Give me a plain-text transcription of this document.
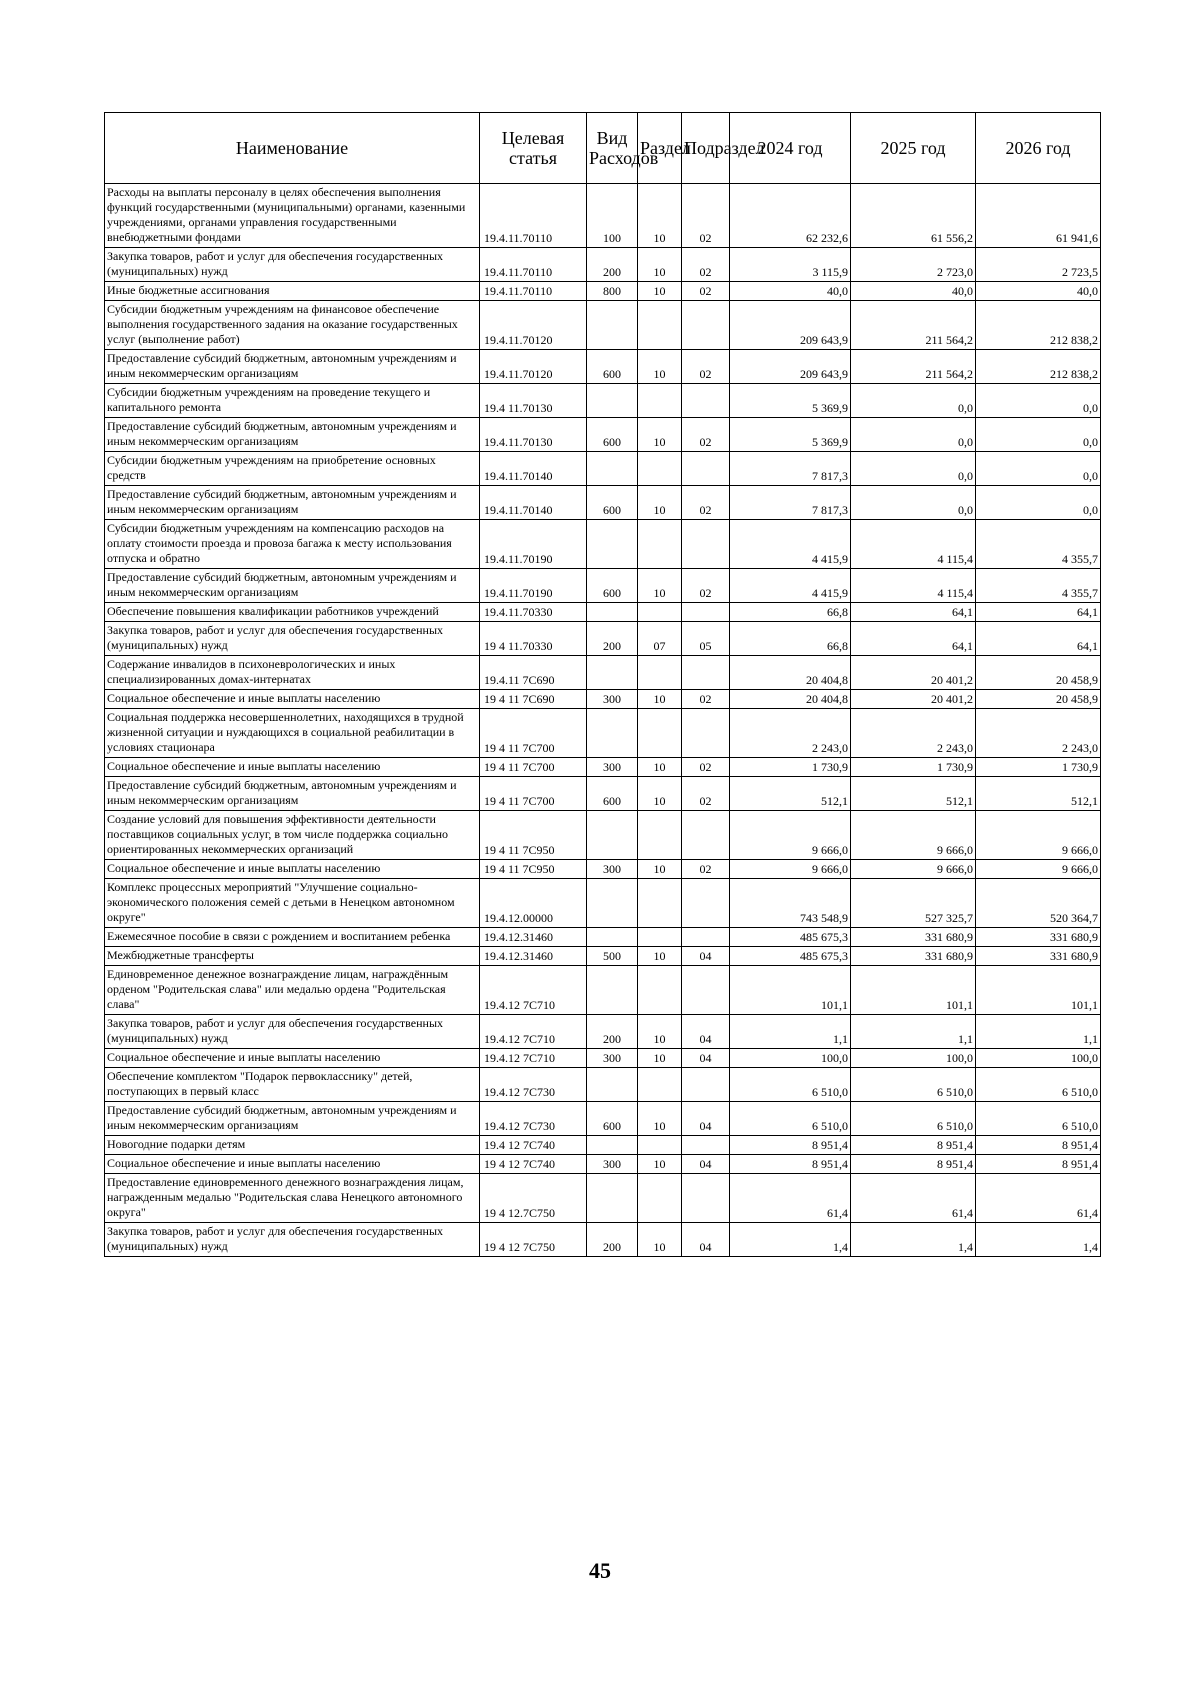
Наименование	Целевая статья	Вид Расходов	Раздел	Подраздел	2024 год	2025 год	2026 год
Расходы на выплаты персоналу в целях обеспечения выполнения функций государственными (муниципальными) органами, казенными учреждениями, органами управления государственными внебюджетными фондами	19.4.11.70110	100	10	02	62 232,6	61 556,2	61 941,6
Закупка товаров, работ и услуг для обеспечения государственных (муниципальных) нужд	19.4.11.70110	200	10	02	3 115,9	2 723,0	2 723,5
Иные бюджетные ассигнования	19.4.11.70110	800	10	02	40,0	40,0	40,0
Субсидии бюджетным учреждениям на финансовое обеспечение выполнения государственного задания на оказание государственных услуг (выполнение работ)	19.4.11.70120				209 643,9	211 564,2	212 838,2
Предоставление субсидий бюджетным, автономным учреждениям и иным некоммерческим организациям	19.4.11.70120	600	10	02	209 643,9	211 564,2	212 838,2
Субсидии бюджетным учреждениям на проведение текущего и капитального ремонта	19.4 11.70130				5 369,9	0,0	0,0
Предоставление субсидий бюджетным, автономным учреждениям и иным некоммерческим организациям	19.4.11.70130	600	10	02	5 369,9	0,0	0,0
Субсидии бюджетным учреждениям на приобретение основных средств	19.4.11.70140				7 817,3	0,0	0,0
Предоставление субсидий бюджетным, автономным учреждениям и иным некоммерческим организациям	19.4.11.70140	600	10	02	7 817,3	0,0	0,0
Субсидии бюджетным учреждениям на компенсацию расходов на оплату стоимости проезда и провоза багажа к месту использования отпуска и обратно	19.4.11.70190				4 415,9	4 115,4	4 355,7
Предоставление субсидий бюджетным, автономным учреждениям и иным некоммерческим организациям	19.4.11.70190	600	10	02	4 415,9	4 115,4	4 355,7
Обеспечение повышения квалификации работников учреждений	19.4.11.70330				66,8	64,1	64,1
Закупка товаров, работ и услуг для обеспечения государственных (муниципальных) нужд	19 4 11.70330	200	07	05	66,8	64,1	64,1
Содержание инвалидов в психоневрологических и иных специализированных домах-интернатах	19.4.11 7С690				20 404,8	20 401,2	20 458,9
Социальное обеспечение и иные выплаты населению	19 4 11 7С690	300	10	02	20 404,8	20 401,2	20 458,9
Социальная поддержка несовершеннолетних, находящихся в трудной жизненной ситуации и нуждающихся в социальной реабилитации в условиях стационара	19 4 11 7С700				2 243,0	2 243,0	2 243,0
Социальное обеспечение и иные выплаты населению	19 4 11 7С700	300	10	02	1 730,9	1 730,9	1 730,9
Предоставление субсидий бюджетным, автономным учреждениям и иным некоммерческим организациям	19 4 11 7С700	600	10	02	512,1	512,1	512,1
Создание условий для повышения эффективности деятельности поставщиков социальных услуг, в том числе поддержка социально ориентированных некоммерческих организаций	19 4 11 7С950				9 666,0	9 666,0	9 666,0
Социальное обеспечение и иные выплаты населению	19 4 11 7С950	300	10	02	9 666,0	9 666,0	9 666,0
Комплекс процессных мероприятий "Улучшение социально-экономического положения семей с детьми в Ненецком автономном округе"	19.4.12.00000				743 548,9	527 325,7	520 364,7
Ежемесячное пособие в связи с рождением и воспитанием ребенка	19.4.12.31460				485 675,3	331 680,9	331 680,9
Межбюджетные трансферты	19.4.12.31460	500	10	04	485 675,3	331 680,9	331 680,9
Единовременное денежное вознаграждение лицам, награждённым орденом "Родительская слава" или медалью ордена "Родительская слава"	19.4.12 7С710				101,1	101,1	101,1
Закупка товаров, работ и услуг для обеспечения государственных (муниципальных) нужд	19.4.12 7С710	200	10	04	1,1	1,1	1,1
Социальное обеспечение и иные выплаты населению	19.4.12 7С710	300	10	04	100,0	100,0	100,0
Обеспечение комплектом "Подарок первокласснику" детей, поступающих в первый класс	19.4.12 7С730				6 510,0	6 510,0	6 510,0
Предоставление субсидий бюджетным, автономным учреждениям и иным некоммерческим организациям	19.4.12 7С730	600	10	04	6 510,0	6 510,0	6 510,0
Новогодние подарки детям	19.4 12 7С740				8 951,4	8 951,4	8 951,4
Социальное обеспечение и иные выплаты населению	19 4 12 7С740	300	10	04	8 951,4	8 951,4	8 951,4
Предоставление единовременного денежного вознаграждения лицам, награжденным медалью "Родительская слава Ненецкого автономного округа"	19 4 12.7С750				61,4	61,4	61,4
Закупка товаров, работ и услуг для обеспечения государственных (муниципальных) нужд	19 4 12 7С750	200	10	04	1,4	1,4	1,4
45
